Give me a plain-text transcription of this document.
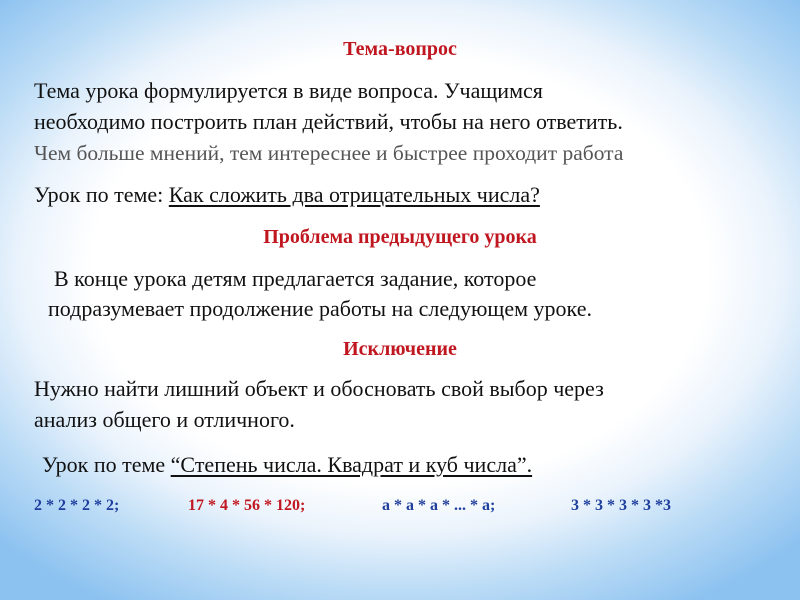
Тема-вопрос

Тема урока формулируется в виде вопроса. Учащимся

необходимо построить план действий, чтобы на него ответить.

Чем больше мнений, тем интереснее и быстрее проходит работа

Урок по теме: Как сложить два отрицательных числа?

Проблема предыдущего урока

В конце урока детям предлагается задание, которое

подразумевает продолжение работы на следующем уроке.

Исключение

Нужно найти лишний объект и обосновать свой выбор через

анализ общего и отличного.

Урок по теме “Степень числа. Квадрат и куб числа”.

2 * 2 * 2 * 2;	17 * 4 * 56 * 120;	a * a * a * ... * a;	3 * 3 * 3 * 3 *3
